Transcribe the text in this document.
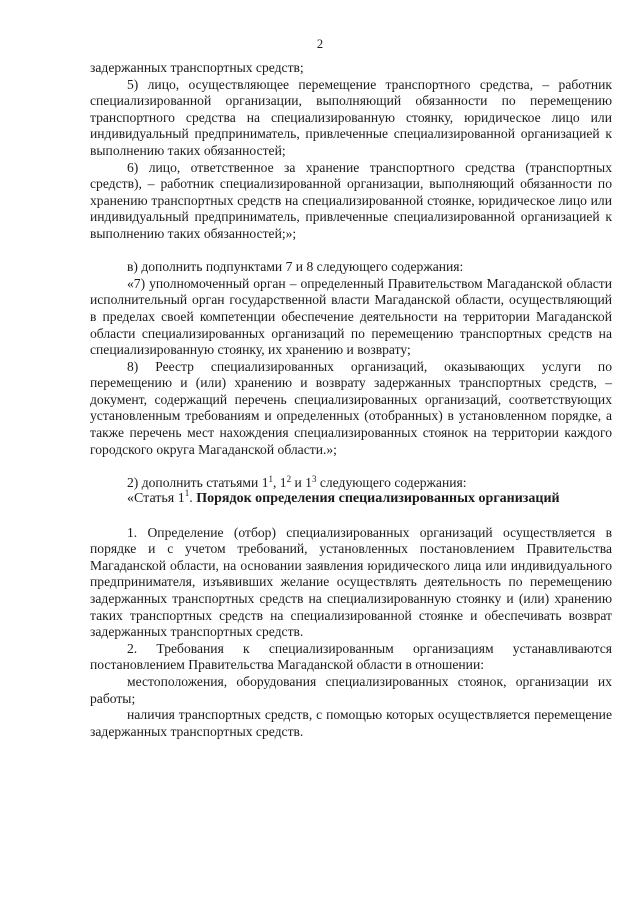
2

задержанных транспортных средств;

5) лицо, осуществляющее перемещение транспортного средства, – работник специализированной организации, выполняющий обязанности по перемещению транспортного средства на специализированную стоянку, юридическое лицо или индивидуальный предприниматель, привлеченные специализированной организацией к выполнению таких обязанностей;

6) лицо, ответственное за хранение транспортного средства (транспортных средств), – работник специализированной организации, выполняющий обязанности по хранению транспортных средств на специализированной стоянке, юридическое лицо или индивидуальный предприниматель, привлеченные специализированной организацией к выполнению таких обязанностей;»;

в) дополнить подпунктами 7 и 8 следующего содержания:

«7) уполномоченный орган – определенный Правительством Магаданской области исполнительный орган государственной власти Магаданской области, осуществляющий в пределах своей компетенции обеспечение деятельности на территории Магаданской области специализированных организаций по перемещению транспортных средств на специализированную стоянку, их хранению и возврату;

8) Реестр специализированных организаций, оказывающих услуги по перемещению и (или) хранению и возврату задержанных транспортных средств, – документ, содержащий перечень специализированных организаций, соответствующих установленным требованиям и определенных (отобранных) в установленном порядке, а также перечень мест нахождения специализированных стоянок на территории каждого городского округа Магаданской области.»;

2) дополнить статьями $1^1$, $1^2$ и $1^3$ следующего содержания:

«Статья $1^1$. Порядок определения специализированных организаций

1. Определение (отбор) специализированных организаций осуществляется в порядке и с учетом требований, установленных постановлением Правительства Магаданской области, на основании заявления юридического лица или индивидуального предпринимателя, изъявивших желание осуществлять деятельность по перемещению задержанных транспортных средств на специализированную стоянку и (или) хранению таких транспортных средств на специализированной стоянке и обеспечивать возврат задержанных транспортных средств.

2. Требования к специализированным организациям устанавливаются постановлением Правительства Магаданской области в отношении:

местоположения, оборудования специализированных стоянок, организации их работы;

наличия транспортных средств, с помощью которых осуществляется перемещение задержанных транспортных средств.
